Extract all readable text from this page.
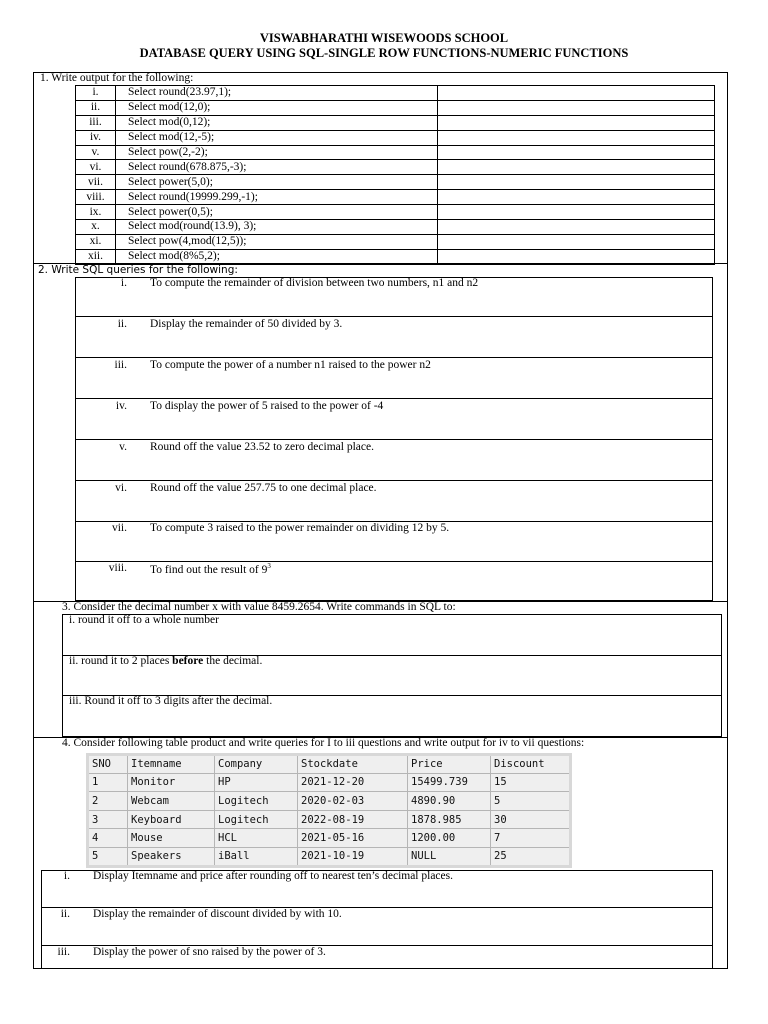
VISWABHARATHI WISEWOODS SCHOOL
DATABASE QUERY USING SQL-SINGLE ROW FUNCTIONS-NUMERIC FUNCTIONS
1. Write output for the following:
i.	Select round(23.97,1);	
ii.	Select mod(12,0);	
iii.	Select mod(0,12);	
iv.	Select mod(12,-5);	
v.	Select pow(2,-2);	
vi.	Select round(678.875,-3);	
vii.	Select power(5,0);	
viii.	Select round(19999.299,-1);	
ix.	Select power(0,5);	
x.	Select mod(round(13.9), 3);	
xi.	Select pow(4,mod(12,5));	
xii.	Select mod(8%5,2);	
2. Write SQL queries for the following:
i. To compute the remainder of division between two numbers, n1 and n2
ii. Display the remainder of 50 divided by 3.
iii. To compute the power of a number n1 raised to the power n2
iv. To display the power of 5 raised to the power of -4
v. Round off the value 23.52 to zero decimal place.
vi. Round off the value 257.75 to one decimal place.
vii. To compute 3 raised to the power remainder on dividing 12 by 5.
viii. To find out the result of $9^3$
3. Consider the decimal number x with value 8459.2654. Write commands in SQL to:
i. round it off to a whole number
ii. round it to 2 places before the decimal.
iii. Round it off to 3 digits after the decimal.
4. Consider following table product and write queries for I to iii questions and write output for iv to vii questions:
SNO	Itemname	Company	Stockdate	Price	Discount
1	Monitor	HP	2021-12-20	15499.739	15
2	Webcam	Logitech	2020-02-03	4890.90	5
3	Keyboard	Logitech	2022-08-19	1878.985	30
4	Mouse	HCL	2021-05-16	1200.00	7
5	Speakers	iBall	2021-10-19	NULL	25
i. Display Itemname and price after rounding off to nearest ten’s decimal places.
ii. Display the remainder of discount divided by with 10.
iii. Display the power of sno raised by the power of 3.
